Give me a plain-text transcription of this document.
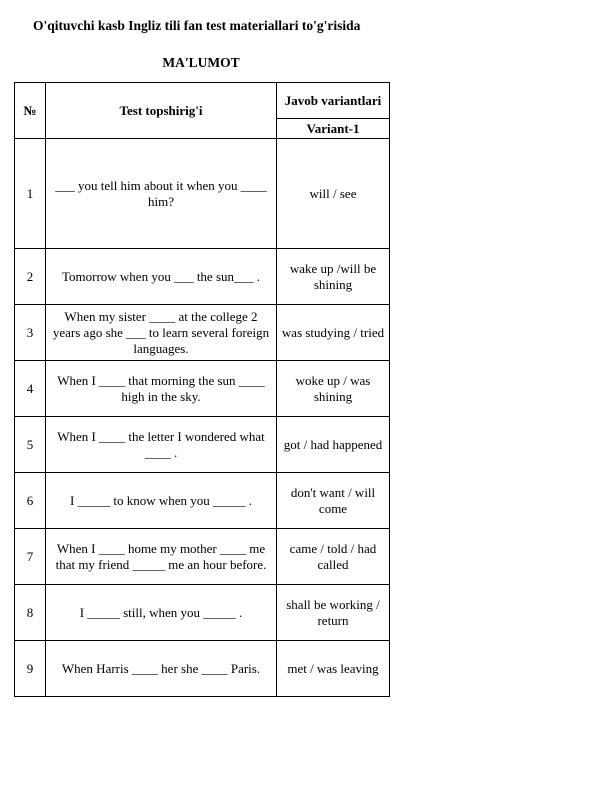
O'qituvchi kasb Ingliz tili fan test materiallari to'g'risida
MA'LUMOT
№	Test topshirig'i	Javob variantlari
		Variant-1
1	___ you tell him about it when you ____ him?	will / see
2	Tomorrow when you ___ the sun___ .	wake up /will be shining
3	When my sister ____ at the college 2 years ago she ___ to learn several foreign languages.	was studying / tried
4	When I ____ that morning the sun ____ high in the sky.	woke up / was shining
5	When I ____ the letter I wondered what ____ .	got / had happened
6	I _____ to know when you _____ .	don't want / will come
7	When I ____ home my mother ____ me that my friend _____ me an hour before.	came / told / had called
8	I _____ still, when you _____ .	shall be working / return
9	When Harris ____ her she ____ Paris.	met / was leaving
